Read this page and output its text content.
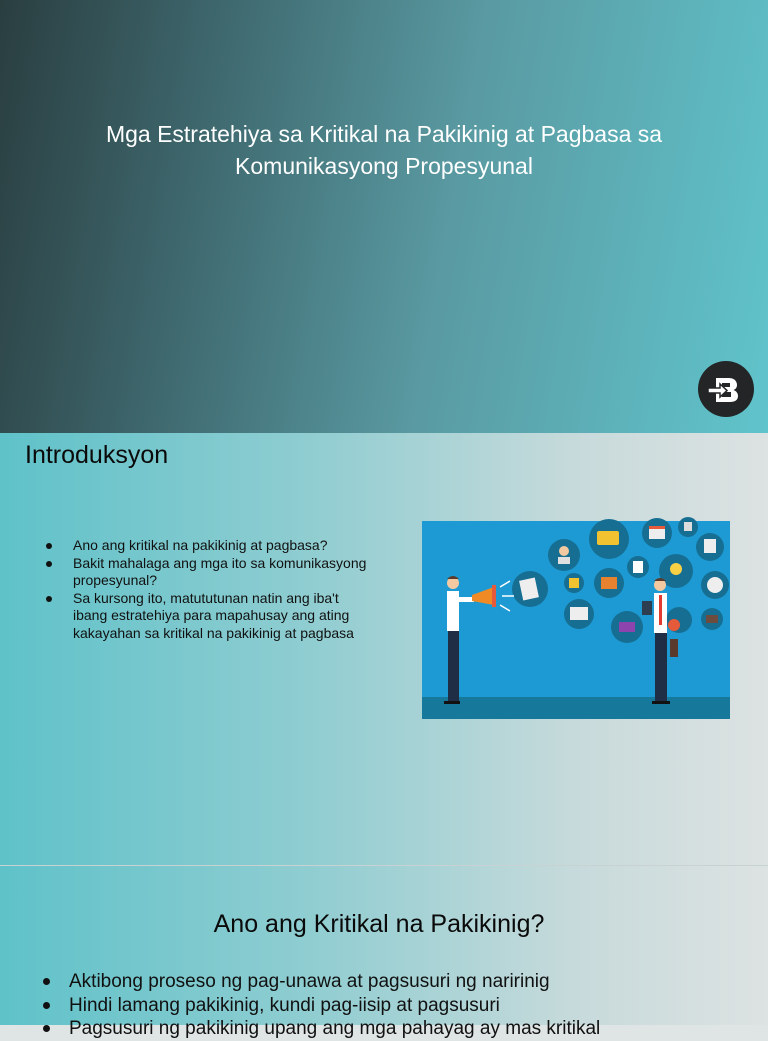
Mga Estratehiya sa Kritikal na Pakikinig at Pagbasa sa Komunikasyong Propesyunal
Introduksyon
Ano ang kritikal na pakikinig at pagbasa?
Bakit mahalaga ang mga ito sa komunikasyong propesyunal?
Sa kursong ito, matututunan natin ang iba't ibang estratehiya para mapahusay ang ating kakayahan sa kritikal na pakikinig at pagbasa
Ano ang Kritikal na Pakikinig?
Aktibong proseso ng pag-unawa at pagsusuri ng naririnig
Hindi lamang pakikinig, kundi pag-iisip at pagsusuri
Pagsusuri ng pakikinig upang ang mga pahayag ay mas kritikal
